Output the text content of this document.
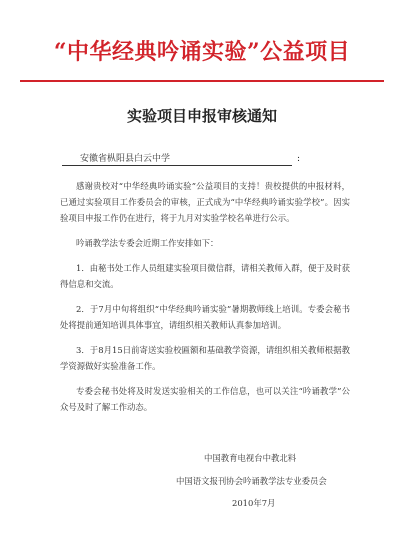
“中华经典吟诵实验”公益项目
实验项目申报审核通知
安徽省枞阳县白云中学	:

感谢贵校对“中华经典吟诵实验”公益项目的支持！贵校提供的申报材料，已通过实验项目工作委员会的审核，正式成为“中华经典吟诵实验学校”。因实验项目申报工作仍在进行，将于九月对实验学校名单进行公示。

吟诵教学法专委会近期工作安排如下：

1．由秘书处工作人员组建实验项目微信群，请相关教师入群，便于及时获得信息和交流。

2．于7月中旬将组织“中华经典吟诵实验”暑期教师线上培训。专委会秘书处将提前通知培训具体事宜，请组织相关教师认真参加培训。

3．于8月15日前寄送实验校匾额和基础教学资源，请组织相关教师根据教学资源做好实验准备工作。

专委会秘书处将及时发送实验相关的工作信息，也可以关注“吟诵教学”公众号及时了解工作动态。

中国教育电视台中教北料
中国语文报刊协会吟诵教学法专业委员会
2010年7月
